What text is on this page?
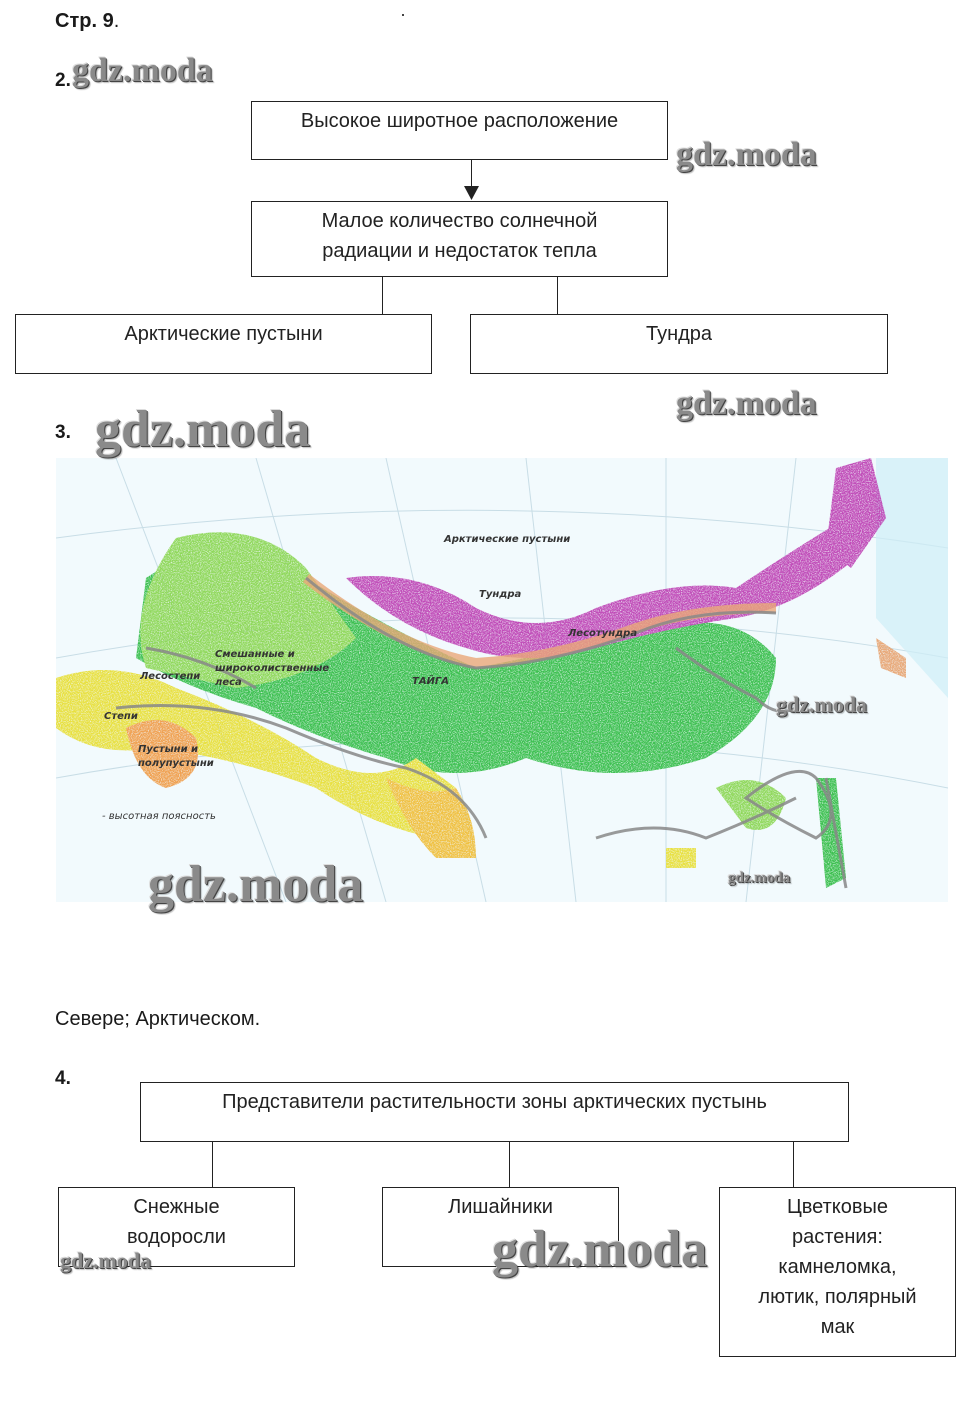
Стр. 9.
2.
Высокое широтное расположение
Малое количество солнечной
радиации и недостаток тепла
Арктические пустыни	Тундра
3.
Арктические пустыни
Тундра
Лесотундра
ТАЙГА
Смешанные и
широколиственные
леса
Лесостепи
Степи
Пустыни и
полупустыни
- высотная поясность
Севере; Арктическом.
4.
Представители растительности зоны арктических пустынь
Снежные
водоросли
Лишайники	Цветковые
растения:
камнеломка,
лютик, полярный
мак
gdz.moda
gdz.moda
gdz.moda
gdz.moda
gdz.moda
gdz.moda	gdz.moda
gdz.moda	gdz.moda
